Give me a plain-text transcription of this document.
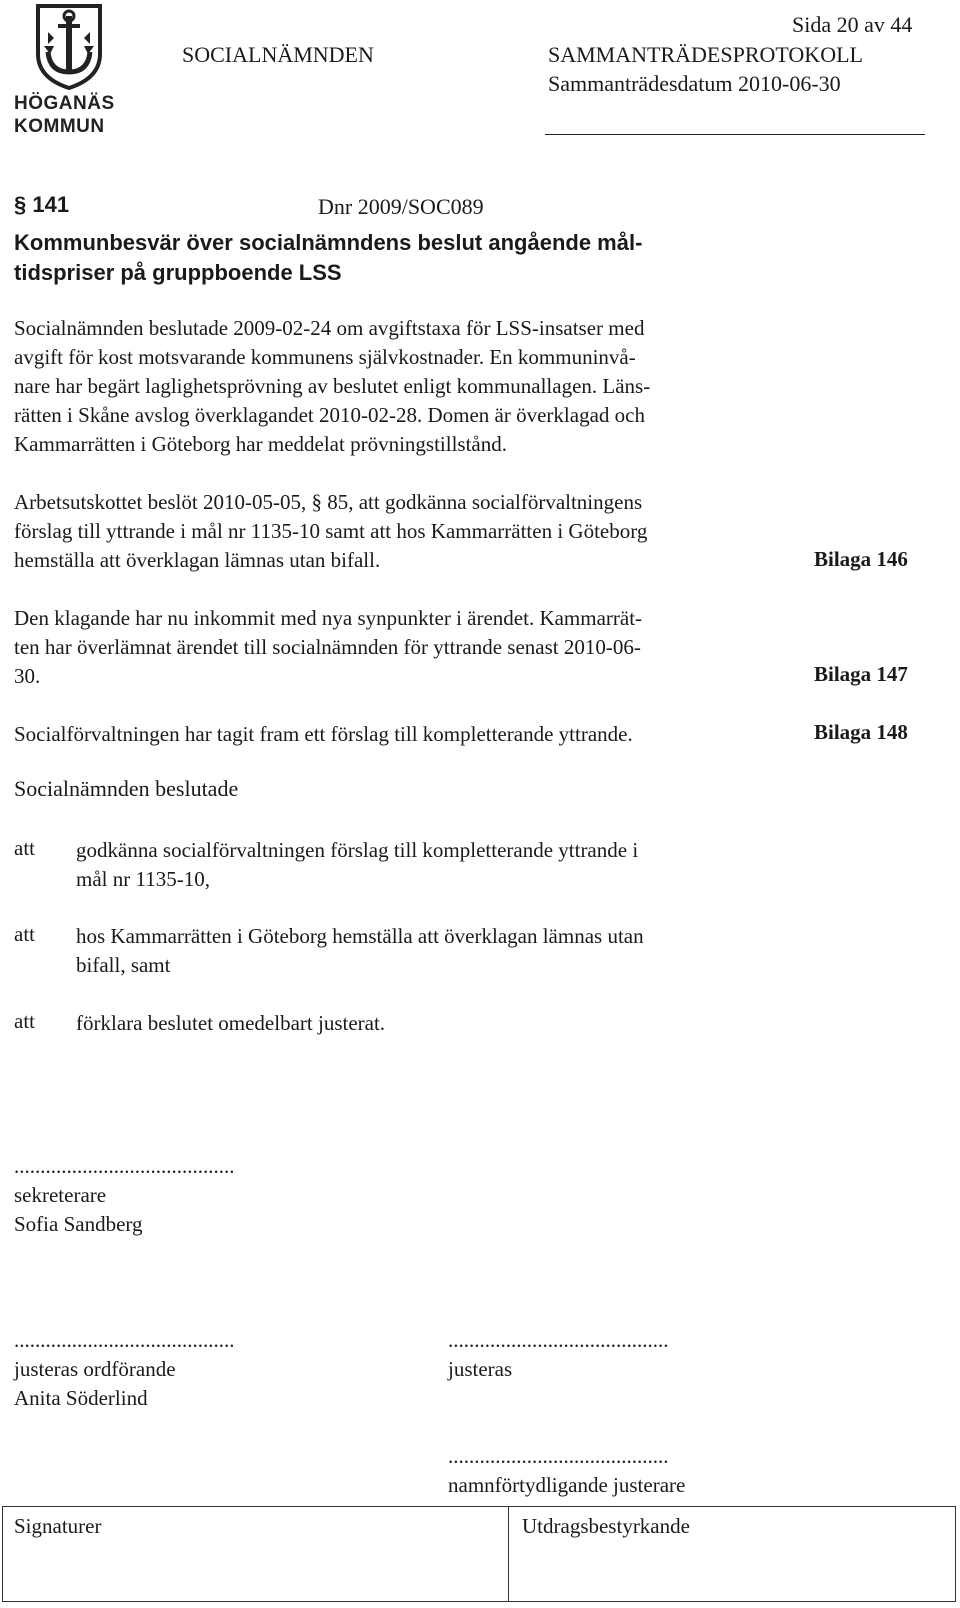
HÖGANÄS
KOMMUN
Sida 20 av 44
SOCIALNÄMNDEN	SAMMANTRÄDESPROTOKOLL
Sammanträdesdatum 2010-06-30
§ 141	Dnr 2009/SOC089
Kommunbesvär över socialnämndens beslut angående mål-
tidspriser på gruppboende LSS
Socialnämnden beslutade 2009-02-24 om avgiftstaxa för LSS-insatser med
avgift för kost motsvarande kommunens självkostnader. En kommuninvå-
nare har begärt laglighetsprövning av beslutet enligt kommunallagen. Läns-
rätten i Skåne avslog överklagandet 2010-02-28. Domen är överklagad och
Kammarrätten i Göteborg har meddelat prövningstillstånd.
Arbetsutskottet beslöt 2010-05-05, § 85, att godkänna socialförvaltningens
förslag till yttrande i mål nr 1135-10 samt att hos Kammarrätten i Göteborg
hemställa att överklagan lämnas utan bifall.	Bilaga 146
Den klagande har nu inkommit med nya synpunkter i ärendet. Kammarrät-
ten har överlämnat ärendet till socialnämnden för yttrande senast 2010-06-
30.	Bilaga 147
Socialförvaltningen har tagit fram ett förslag till kompletterande yttrande.	Bilaga 148
Socialnämnden beslutade
att godkänna socialförvaltningen förslag till kompletterande yttrande i
mål nr 1135-10,
att hos Kammarrätten i Göteborg hemställa att överklagan lämnas utan
bifall, samt
att förklara beslutet omedelbart justerat.
..........................................
sekreterare
Sofia Sandberg
..........................................
justeras ordförande
Anita Söderlind
..........................................
justeras
..........................................
namnförtydligande justerare
Signaturer	Utdragsbestyrkande
